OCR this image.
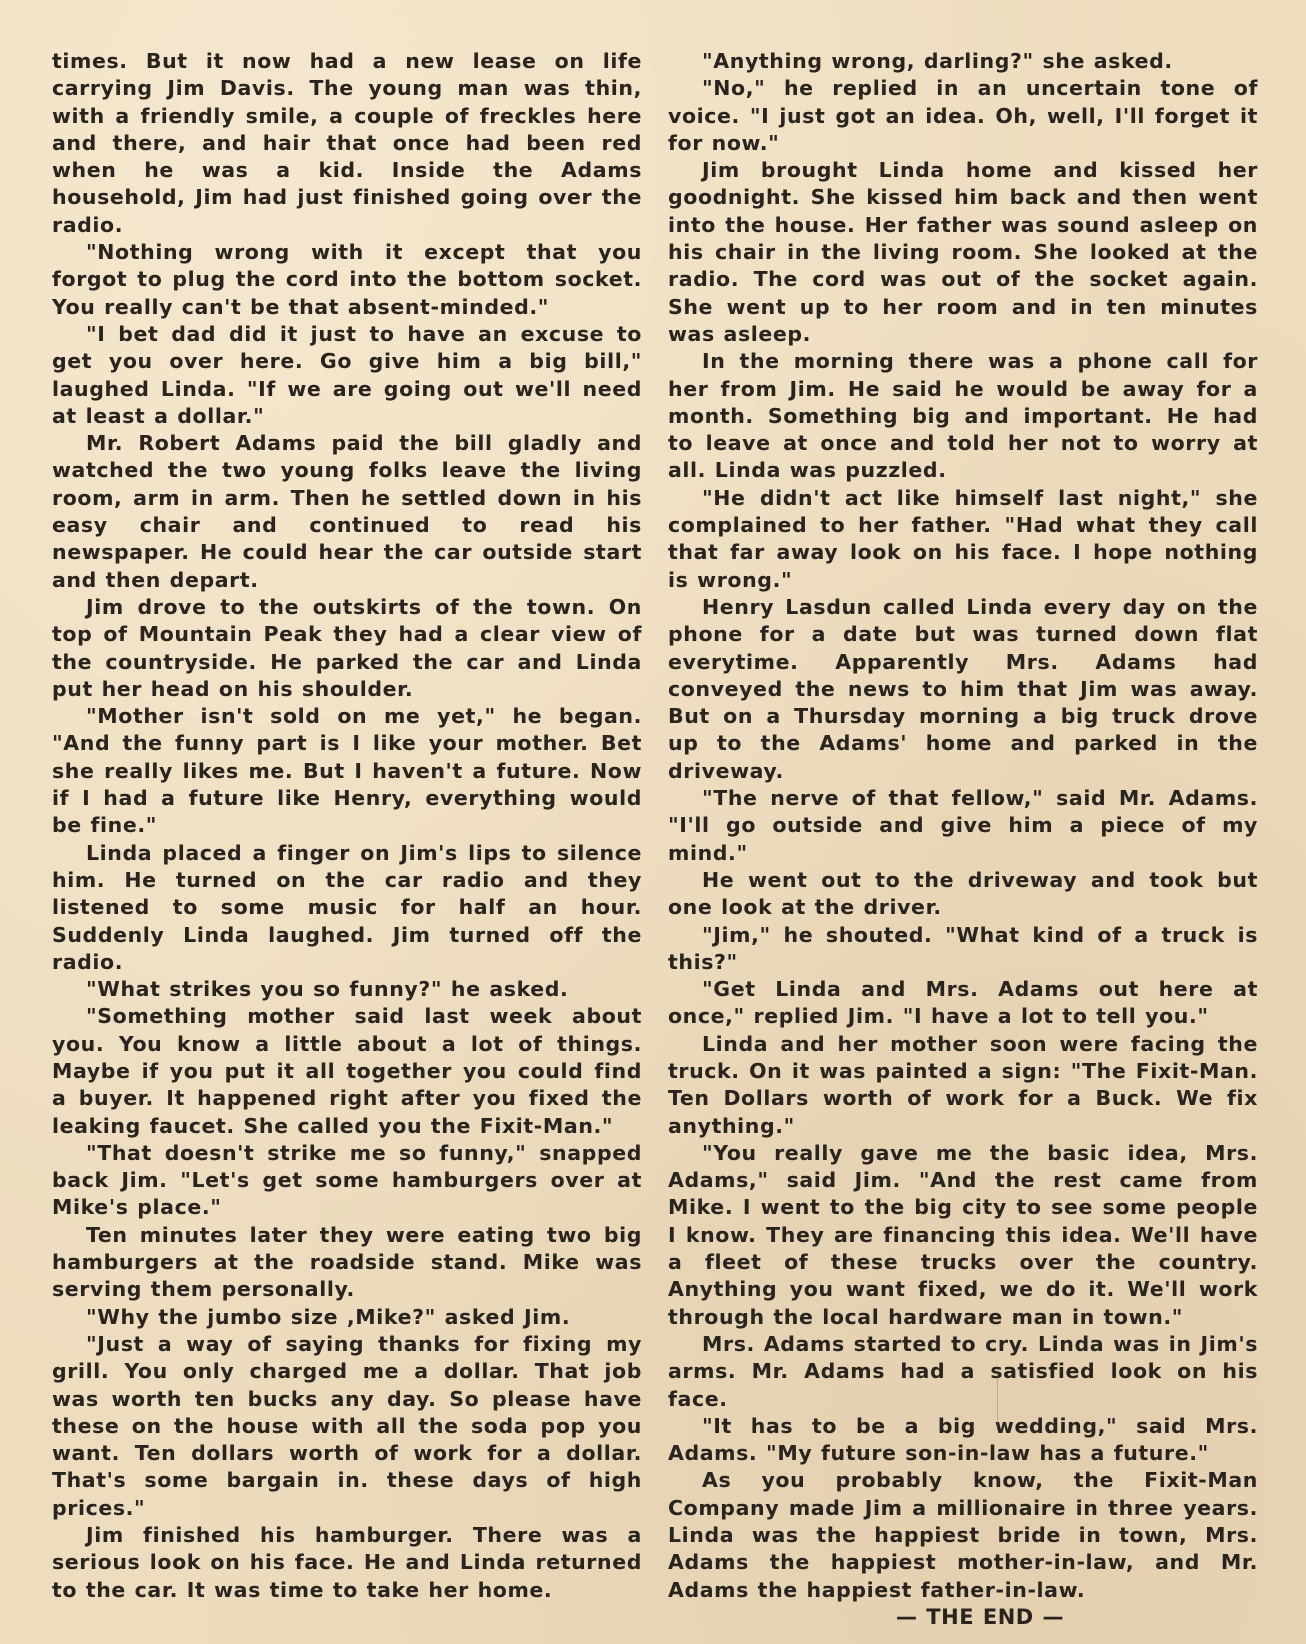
times. But it now had a new lease on life carrying Jim Davis. The young man was thin, with a friendly smile, a couple of freckles here and there, and hair that once had been red when he was a kid. Inside the Adams household, Jim had just finished going over the radio.

"Nothing wrong with it except that you forgot to plug the cord into the bottom socket. You really can't be that absent-minded."

"I bet dad did it just to have an excuse to get you over here. Go give him a big bill," laughed Linda. "If we are going out we'll need at least a dollar."

Mr. Robert Adams paid the bill gladly and watched the two young folks leave the living room, arm in arm. Then he settled down in his easy chair and continued to read his newspaper. He could hear the car outside start and then depart.

Jim drove to the outskirts of the town. On top of Mountain Peak they had a clear view of the countryside. He parked the car and Linda put her head on his shoulder.

"Mother isn't sold on me yet," he began. "And the funny part is I like your mother. Bet she really likes me. But I haven't a future. Now if I had a future like Henry, everything would be fine."

Linda placed a finger on Jim's lips to silence him. He turned on the car radio and they listened to some music for half an hour. Suddenly Linda laughed. Jim turned off the radio.

"What strikes you so funny?" he asked.

"Something mother said last week about you. You know a little about a lot of things. Maybe if you put it all together you could find a buyer. It happened right after you fixed the leaking faucet. She called you the Fixit-Man."

"That doesn't strike me so funny," snapped back Jim. "Let's get some hamburgers over at Mike's place."

Ten minutes later they were eating two big hamburgers at the roadside stand. Mike was serving them personally.

"Why the jumbo size ,Mike?" asked Jim.

"Just a way of saying thanks for fixing my grill. You only charged me a dollar. That job was worth ten bucks any day. So please have these on the house with all the soda pop you want. Ten dollars worth of work for a dollar. That's some bargain in. these days of high prices."

Jim finished his hamburger. There was a serious look on his face. He and Linda returned to the car. It was time to take her home.

"Anything wrong, darling?" she asked.

"No," he replied in an uncertain tone of voice. "I just got an idea. Oh, well, I'll forget it for now."

Jim brought Linda home and kissed her goodnight. She kissed him back and then went into the house. Her father was sound asleep on his chair in the living room. She looked at the radio. The cord was out of the socket again. She went up to her room and in ten minutes was asleep.

In the morning there was a phone call for her from Jim. He said he would be away for a month. Something big and important. He had to leave at once and told her not to worry at all. Linda was puzzled.

"He didn't act like himself last night," she complained to her father. "Had what they call that far away look on his face. I hope nothing is wrong."

Henry Lasdun called Linda every day on the phone for a date but was turned down flat everytime. Apparently Mrs. Adams had conveyed the news to him that Jim was away. But on a Thursday morning a big truck drove up to the Adams' home and parked in the driveway.

"The nerve of that fellow," said Mr. Adams. "I'll go outside and give him a piece of my mind."

He went out to the driveway and took but one look at the driver.

"Jim," he shouted. "What kind of a truck is this?"

"Get Linda and Mrs. Adams out here at once," replied Jim. "I have a lot to tell you."

Linda and her mother soon were facing the truck. On it was painted a sign: "The Fixit-Man. Ten Dollars worth of work for a Buck. We fix anything."

"You really gave me the basic idea, Mrs. Adams," said Jim. "And the rest came from Mike. I went to the big city to see some people I know. They are financing this idea. We'll have a fleet of these trucks over the country. Anything you want fixed, we do it. We'll work through the local hardware man in town."

Mrs. Adams started to cry. Linda was in Jim's arms. Mr. Adams had a satisfied look on his face.

"It has to be a big wedding," said Mrs. Adams. "My future son-in-law has a future."

As you probably know, the Fixit-Man Company made Jim a millionaire in three years. Linda was the happiest bride in town, Mrs. Adams the happiest mother-in-law, and Mr. Adams the happiest father-in-law.

— THE END —
